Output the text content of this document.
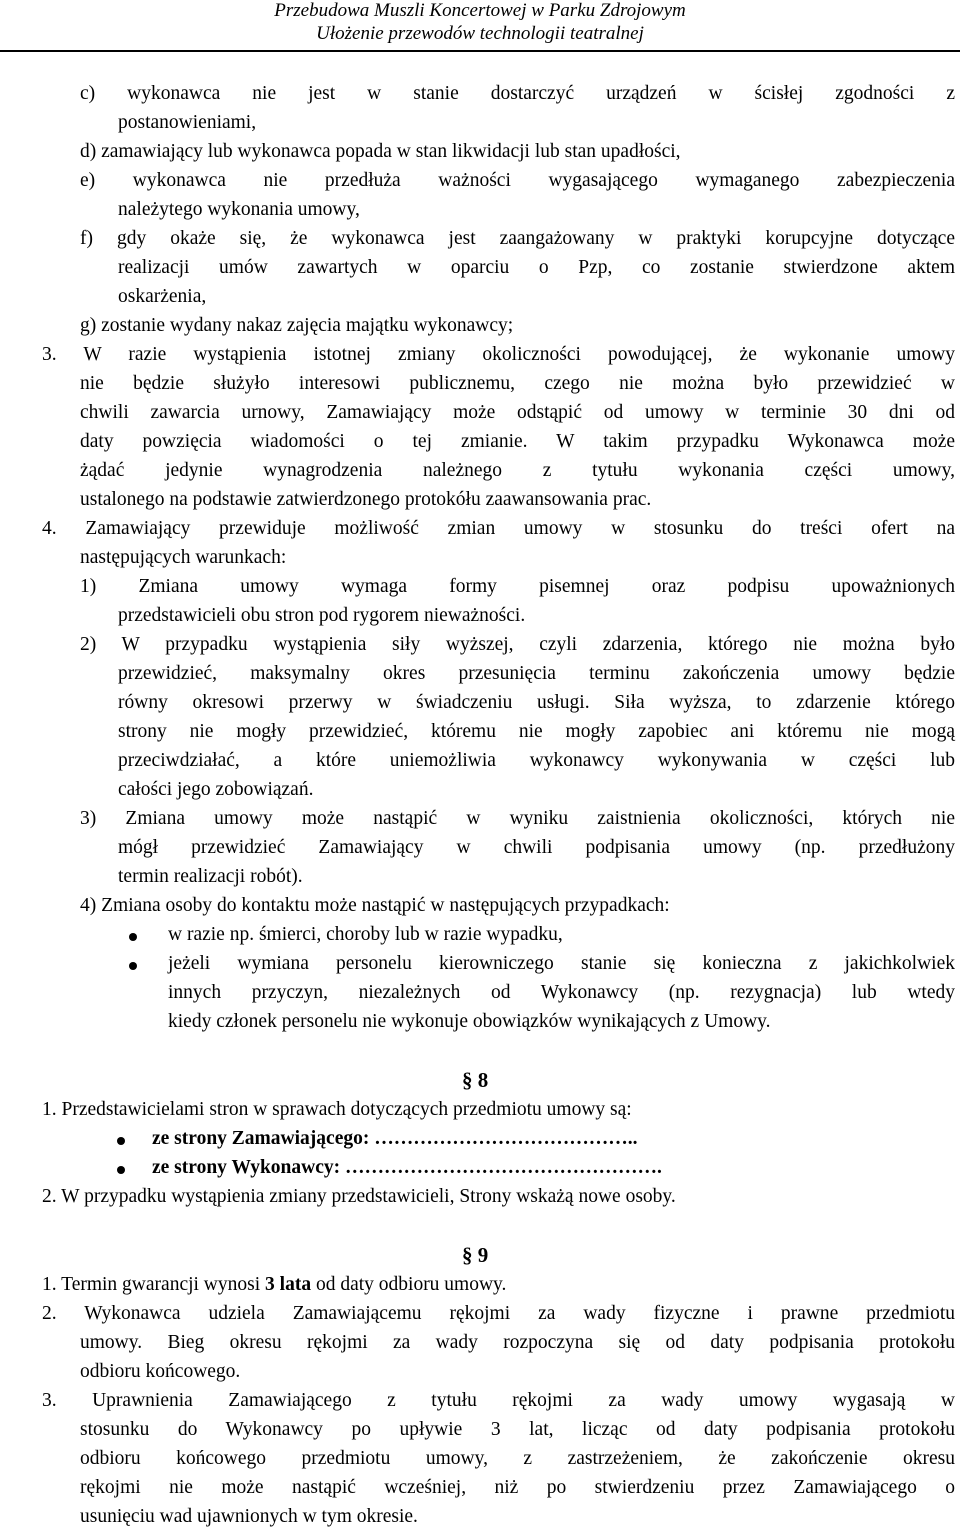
Przebudowa Muszli Koncertowej w Parku Zdrojowym
Ułożenie przewodów technologii teatralnej
c) wykonawca nie jest w stanie dostarczyć urządzeń w ścisłej zgodności z
postanowieniami,
d) zamawiający lub wykonawca popada w stan likwidacji lub stan upadłości,
e) wykonawca nie przedłuża ważności wygasającego wymaganego zabezpieczenia
należytego wykonania umowy,
f) gdy okaże się, że wykonawca jest zaangażowany w praktyki korupcyjne dotyczące
realizacji umów zawartych w oparciu o Pzp, co zostanie stwierdzone aktem
oskarżenia,
g) zostanie wydany nakaz zajęcia majątku wykonawcy;
3. W razie wystąpienia istotnej zmiany okoliczności powodującej, że wykonanie umowy
nie będzie służyło interesowi publicznemu, czego nie można było przewidzieć w
chwili zawarcia urnowy, Zamawiający może odstąpić od umowy w terminie 30 dni od
daty powzięcia wiadomości o tej zmianie. W takim przypadku Wykonawca może
żądać jedynie wynagrodzenia należnego z tytułu wykonania części umowy,
ustalonego na podstawie zatwierdzonego protokółu zaawansowania prac.
4. Zamawiający przewiduje możliwość zmian umowy w stosunku do treści ofert na
następujących warunkach:
1) Zmiana umowy wymaga formy pisemnej oraz podpisu upoważnionych
przedstawicieli obu stron pod rygorem nieważności.
2) W przypadku wystąpienia siły wyższej, czyli zdarzenia, którego nie można było
przewidzieć, maksymalny okres przesunięcia terminu zakończenia umowy będzie
równy okresowi przerwy w świadczeniu usługi. Siła wyższa, to zdarzenie którego
strony nie mogły przewidzieć, któremu nie mogły zapobiec ani któremu nie mogą
przeciwdziałać, a które uniemożliwia wykonawcy wykonywania w części lub
całości jego zobowiązań.
3) Zmiana umowy może nastąpić w wyniku zaistnienia okoliczności, których nie
mógł przewidzieć Zamawiający w chwili podpisania umowy (np. przedłużony
termin realizacji robót).
4) Zmiana osoby do kontaktu może nastąpić w następujących przypadkach:
w razie np. śmierci, choroby lub w razie wypadku,
jeżeli wymiana personelu kierowniczego stanie się konieczna z jakichkolwiek
innych przyczyn, niezależnych od Wykonawcy (np. rezygnacja) lub wtedy
kiedy członek personelu nie wykonuje obowiązków wynikających z Umowy.
§ 8
1. Przedstawicielami stron w sprawach dotyczących przedmiotu umowy są:
ze strony Zamawiającego: …………………………………..
ze strony Wykonawcy: ………………………………………….
2. W przypadku wystąpienia zmiany przedstawicieli, Strony wskażą nowe osoby.
§ 9
1. Termin gwarancji wynosi 3 lata od daty odbioru umowy.
2. Wykonawca udziela Zamawiającemu rękojmi za wady fizyczne i prawne przedmiotu
umowy. Bieg okresu rękojmi za wady rozpoczyna się od daty podpisania protokołu
odbioru końcowego.
3. Uprawnienia Zamawiającego z tytułu rękojmi za wady umowy wygasają w
stosunku do Wykonawcy po upływie 3 lat, licząc od daty podpisania protokołu
odbioru końcowego przedmiotu umowy, z zastrzeżeniem, że zakończenie okresu
rękojmi nie może nastąpić wcześniej, niż po stwierdzeniu przez Zamawiającego o
usunięciu wad ujawnionych w tym okresie.
